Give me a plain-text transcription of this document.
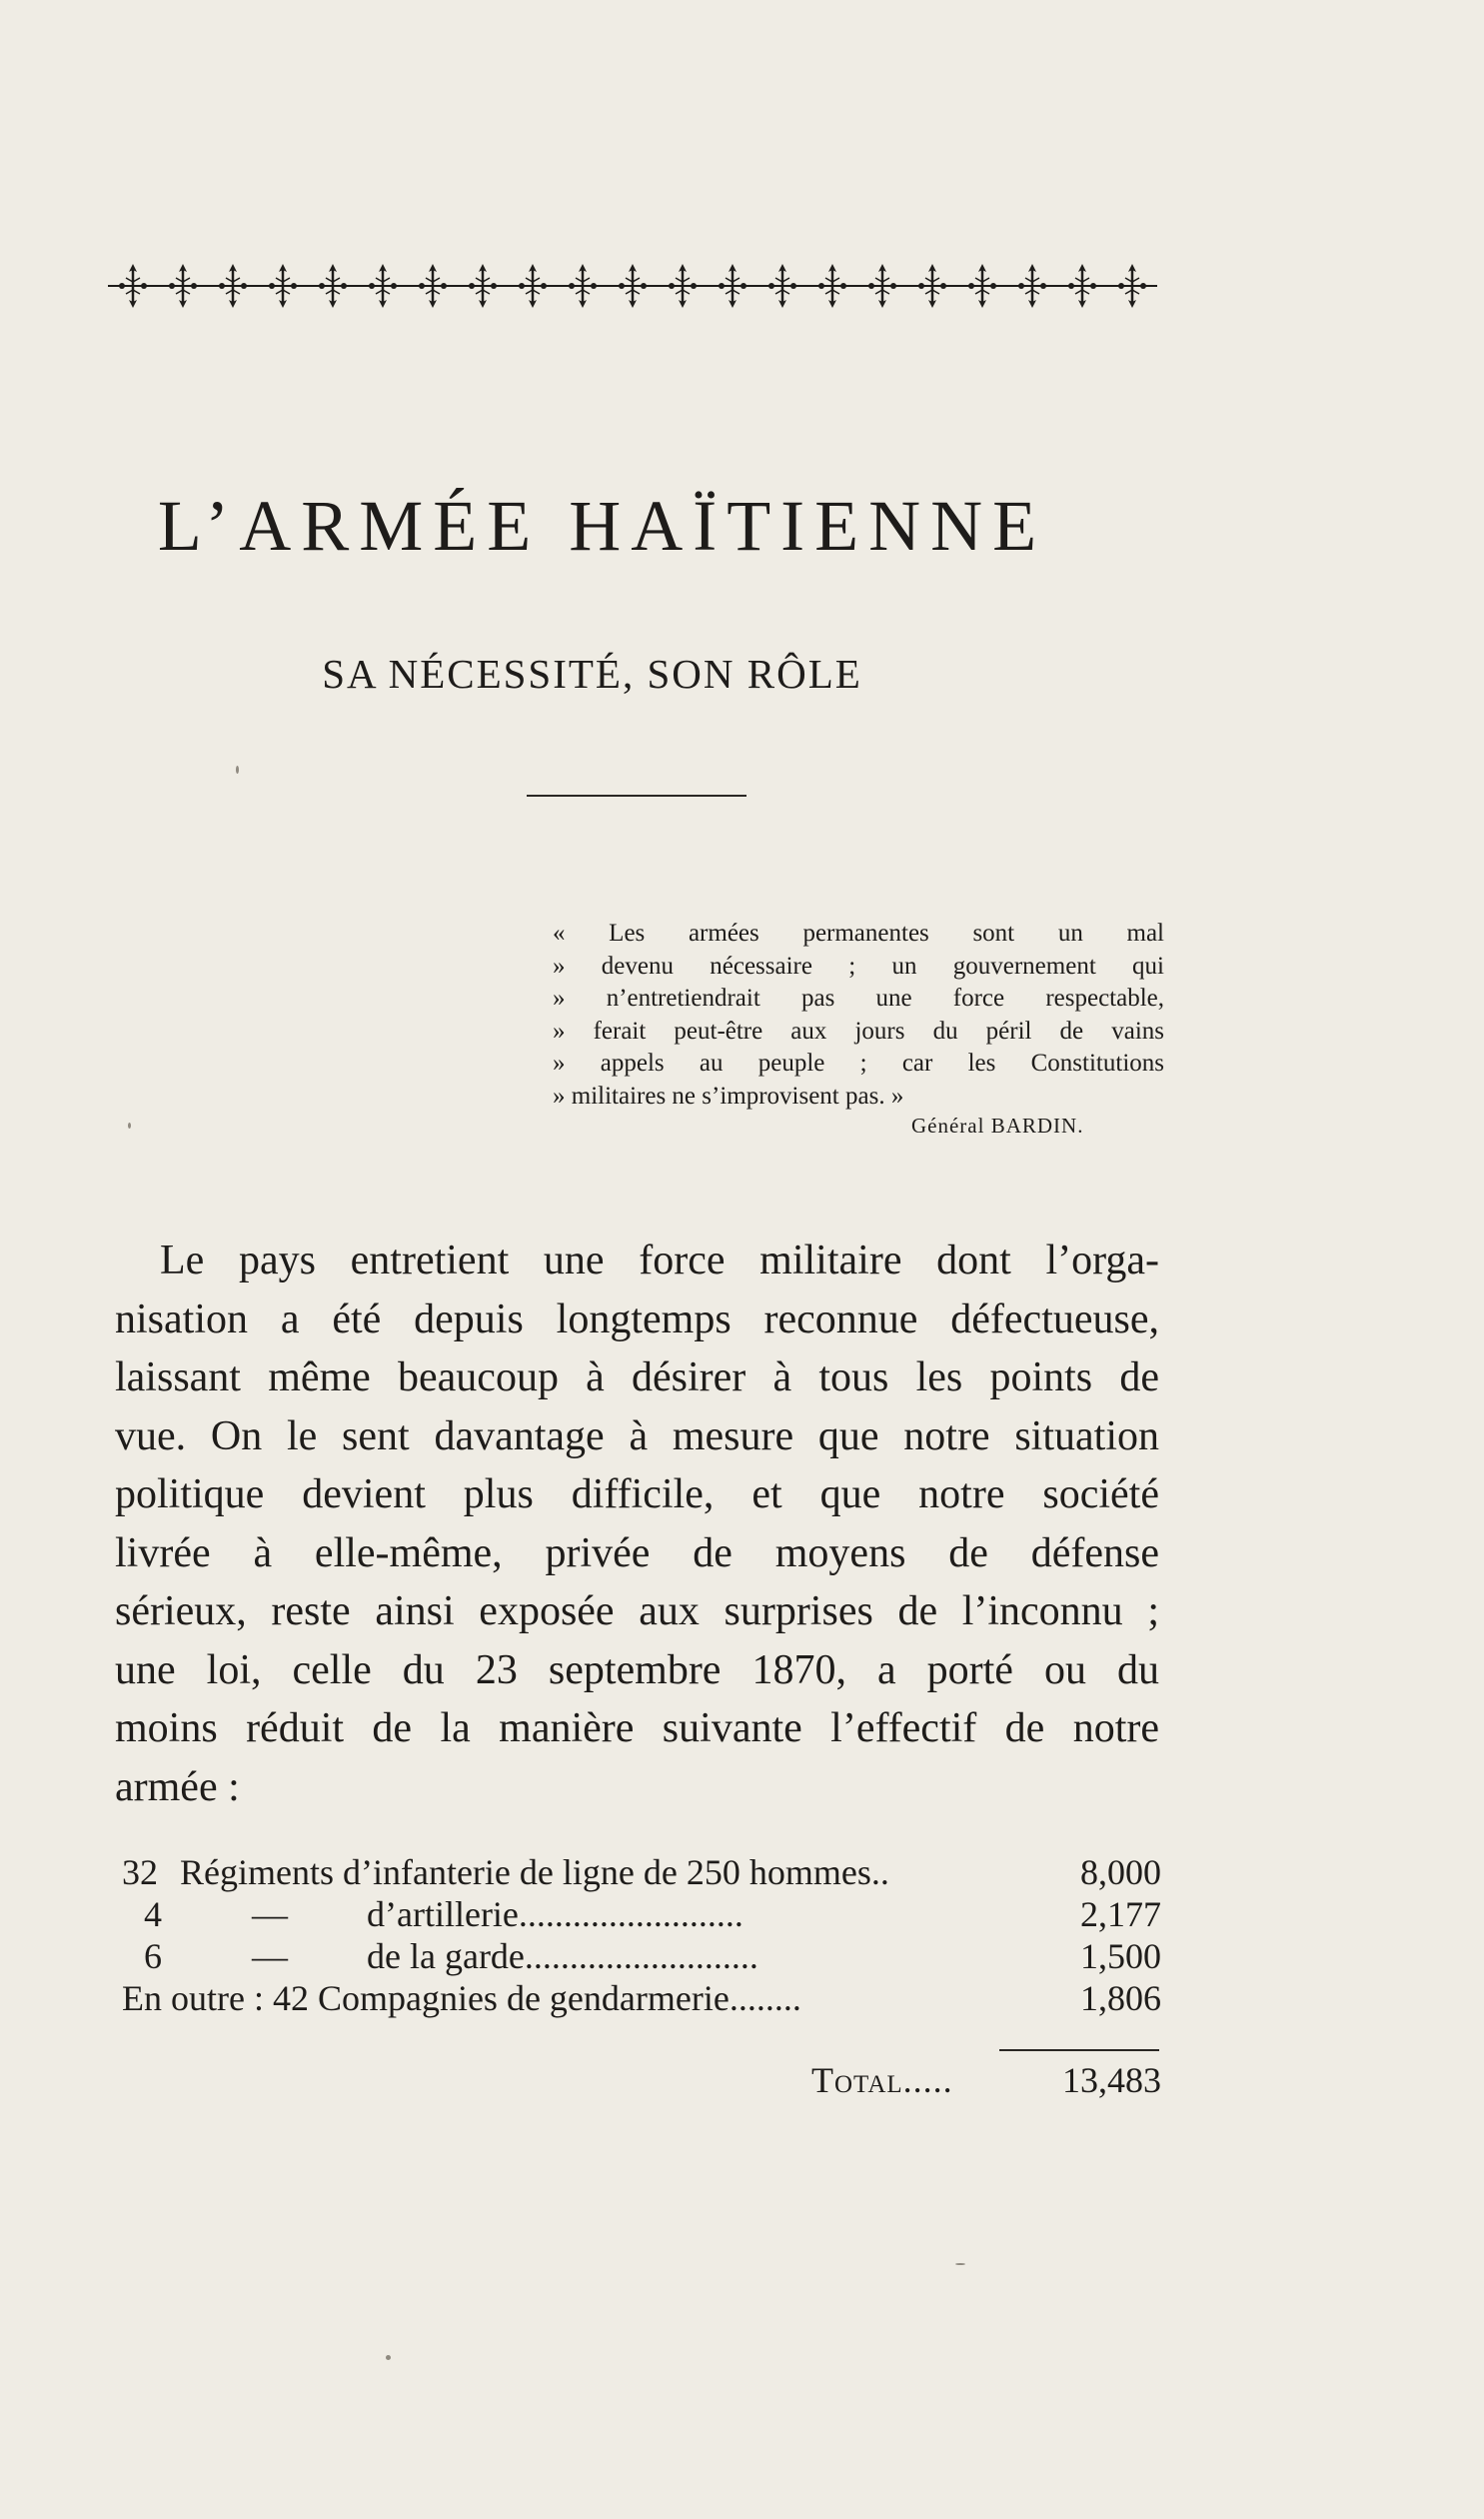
L’ARMÉE HAÏTIENNE
SA NÉCESSITÉ, SON RÔLE
« Les armées permanentes sont un mal
» devenu nécessaire ; un gouvernement qui
» n’entretiendrait pas une force respectable,
» ferait peut-être aux jours du péril de vains
» appels au peuple ; car les Constitutions
» militaires ne s’improvisent pas. »
Général BARDIN.
Le pays entretient une force militaire dont l’orga-
nisation a été depuis longtemps reconnue défectueuse,
laissant même beaucoup à désirer à tous les points de
vue. On le sent davantage à mesure que notre situation
politique devient plus difficile, et que notre société
livrée à elle-même, privée de moyens de défense
sérieux, reste ainsi exposée aux surprises de l’inconnu ;
une loi, celle du 23 septembre 1870, a porté ou du
moins réduit de la manière suivante l’effectif de notre
armée :
32 Régiments d’infanterie de ligne de 250 hommes..	8,000
4	— d’artillerie.........................	2,177
6	— de la garde..........................	1,500
En outre : 42 Compagnies de gendarmerie........	1,806
Total.....	13,483
